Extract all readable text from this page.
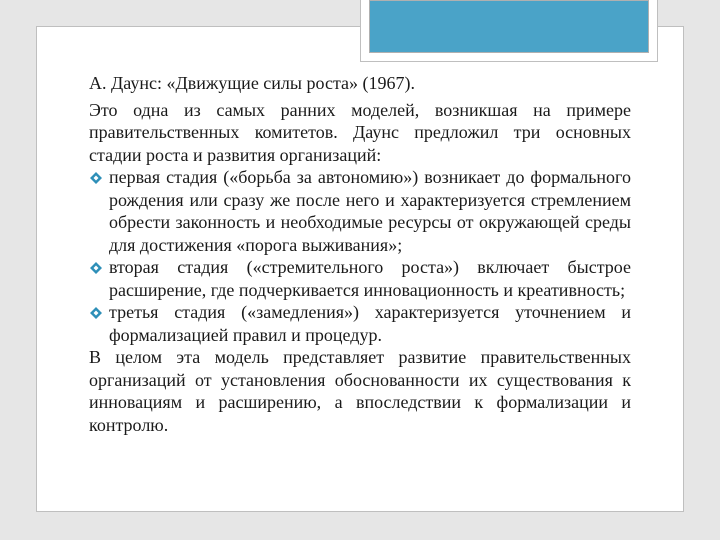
А. Даунс: «Движущие силы роста» (1967).

Это одна из самых ранних моделей, возникшая на примере правительственных комитетов. Даунс предложил три основных стадии роста и развития организаций:

первая стадия («борьба за автономию») возникает до формального рождения или сразу же после него и характеризуется стремлением обрести законность и необходимые ресурсы от окружающей среды для достижения «порога выживания»;
вторая стадия («стремительного роста») включает быстрое расширение, где подчеркивается инновационность и креативность;
третья стадия («замедления») характеризуется уточнением и формализацией правил и процедур.

В целом эта модель представляет развитие правительственных организаций от установления обоснованности их существования к инновациям и расширению, а впоследствии к формализации и контролю.
